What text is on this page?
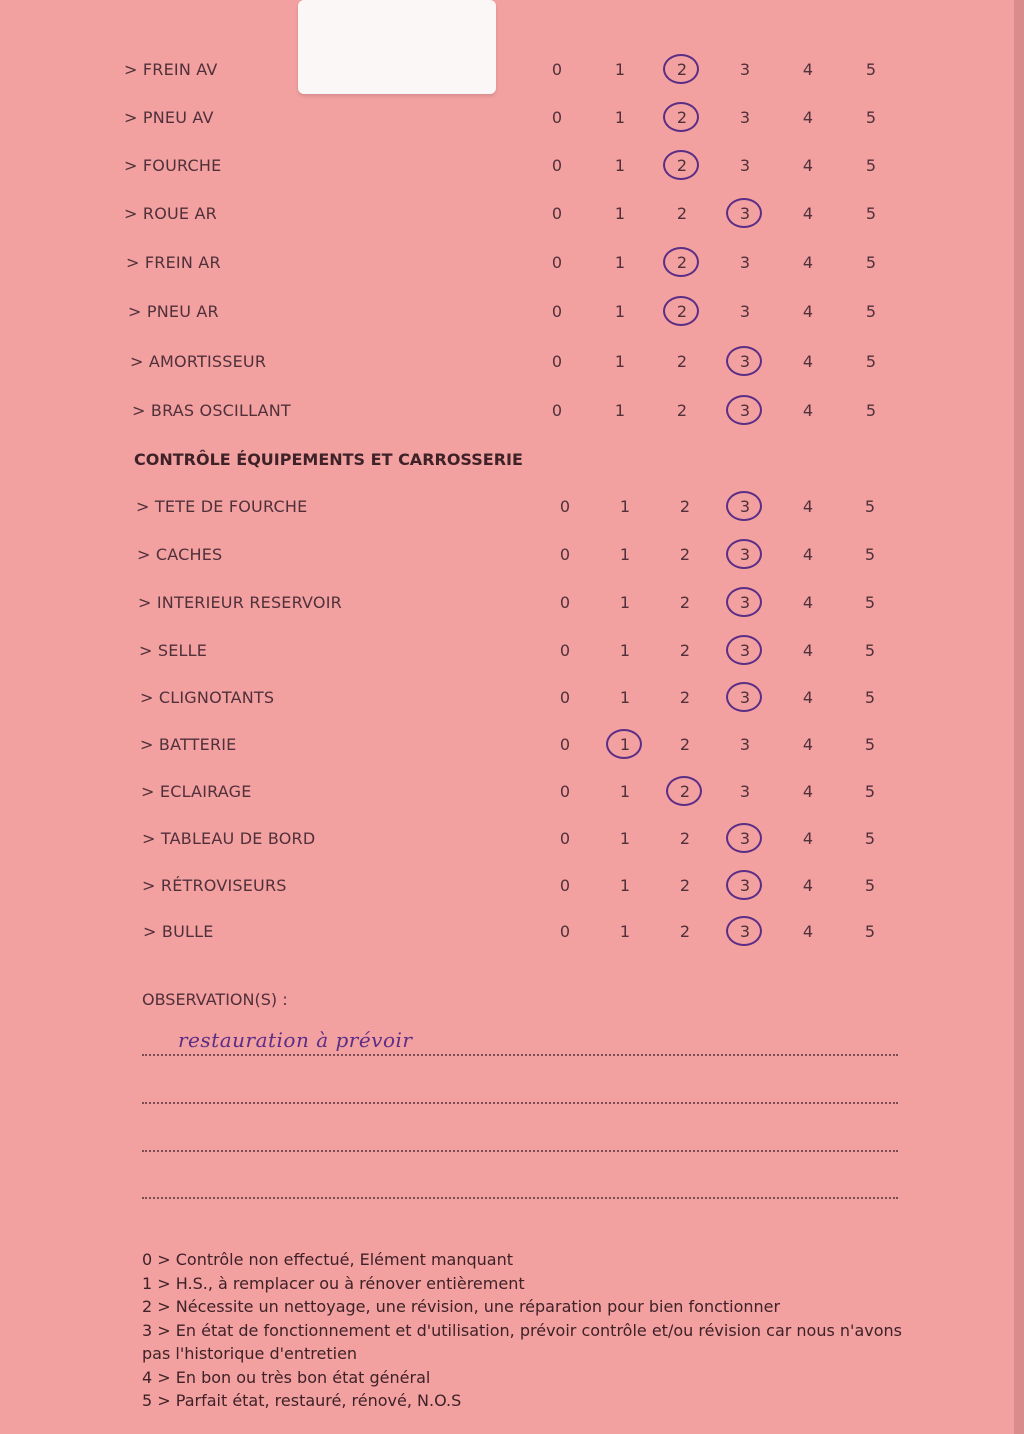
> FREIN AV	0	1	2	3	4	5
> PNEU AV	0	1	2	3	4	5
> FOURCHE	0	1	2	3	4	5
> ROUE AR	0	1	2	3	4	5
> FREIN AR	0	1	2	3	4	5
> PNEU AR	0	1	2	3	4	5
> AMORTISSEUR	0	1	2	3	4	5
> BRAS OSCILLANT	0	1	2	3	4	5
CONTRÔLE ÉQUIPEMENTS ET CARROSSERIE
> TETE DE FOURCHE	0	1	2	3	4	5
> CACHES	0	1	2	3	4	5
> INTERIEUR RESERVOIR	0	1	2	3	4	5
> SELLE	0	1	2	3	4	5
> CLIGNOTANTS	0	1	2	3	4	5
> BATTERIE	0	1	2	3	4	5
> ECLAIRAGE	0	1	2	3	4	5
> TABLEAU DE BORD	0	1	2	3	4	5
> RÉTROVISEURS	0	1	2	3	4	5
> BULLE	0	1	2	3	4	5
OBSERVATION(S) :
restauration à prévoir
0 > Contrôle non effectué, Elément manquant
1 > H.S., à remplacer ou à rénover entièrement
2 > Nécessite un nettoyage, une révision, une réparation pour bien fonctionner
3 > En état de fonctionnement et d'utilisation, prévoir contrôle et/ou révision car nous n'avons pas l'historique d'entretien
4 > En bon ou très bon état général
5 > Parfait état, restauré, rénové, N.O.S
